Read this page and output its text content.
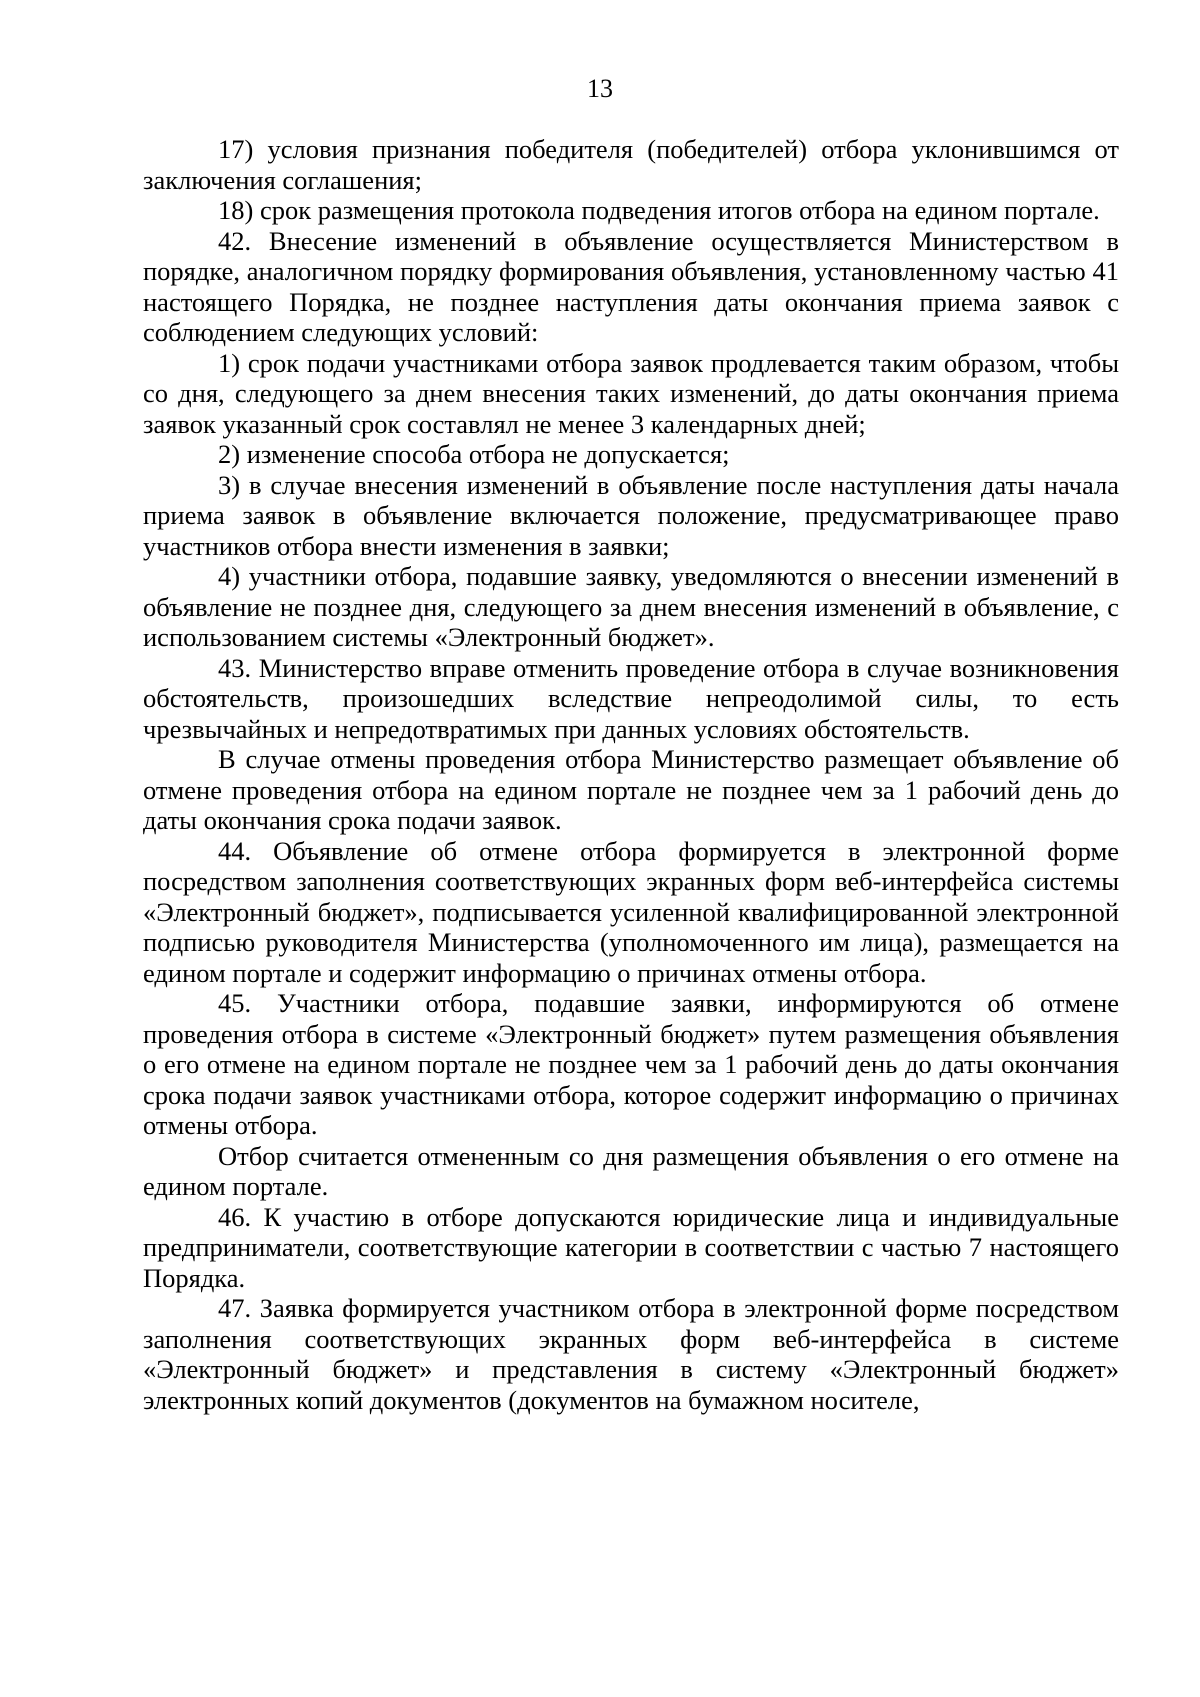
13

17) условия признания победителя (победителей) отбора уклонившимся от заключения соглашения;

18) срок размещения протокола подведения итогов отбора на едином портале.

42. Внесение изменений в объявление осуществляется Министерством в порядке, аналогичном порядку формирования объявления, установленному частью 41 настоящего Порядка, не позднее наступления даты окончания приема заявок с соблюдением следующих условий:

1) срок подачи участниками отбора заявок продлевается таким образом, чтобы со дня, следующего за днем внесения таких изменений, до даты окончания приема заявок указанный срок составлял не менее 3 календарных дней;

2) изменение способа отбора не допускается;

3) в случае внесения изменений в объявление после наступления даты начала приема заявок в объявление включается положение, предусматривающее право участников отбора внести изменения в заявки;

4) участники отбора, подавшие заявку, уведомляются о внесении изменений в объявление не позднее дня, следующего за днем внесения изменений в объявление, с использованием системы «Электронный бюджет».

43. Министерство вправе отменить проведение отбора в случае возникновения обстоятельств, произошедших вследствие непреодолимой силы, то есть чрезвычайных и непредотвратимых при данных условиях обстоятельств.

В случае отмены проведения отбора Министерство размещает объявление об отмене проведения отбора на едином портале не позднее чем за 1 рабочий день до даты окончания срока подачи заявок.

44. Объявление об отмене отбора формируется в электронной форме посредством заполнения соответствующих экранных форм веб-интерфейса системы «Электронный бюджет», подписывается усиленной квалифицированной электронной подписью руководителя Министерства (уполномоченного им лица), размещается на едином портале и содержит информацию о причинах отмены отбора.

45. Участники отбора, подавшие заявки, информируются об отмене проведения отбора в системе «Электронный бюджет» путем размещения объявления о его отмене на едином портале не позднее чем за 1 рабочий день до даты окончания срока подачи заявок участниками отбора, которое содержит информацию о причинах отмены отбора.

Отбор считается отмененным со дня размещения объявления о его отмене на едином портале.

46. К участию в отборе допускаются юридические лица и индивидуальные предприниматели, соответствующие категории в соответствии с частью 7 настоящего Порядка.

47. Заявка формируется участником отбора в электронной форме посредством заполнения соответствующих экранных форм веб-интерфейса в системе «Электронный бюджет» и представления в систему «Электронный бюджет» электронных копий документов (документов на бумажном носителе,
